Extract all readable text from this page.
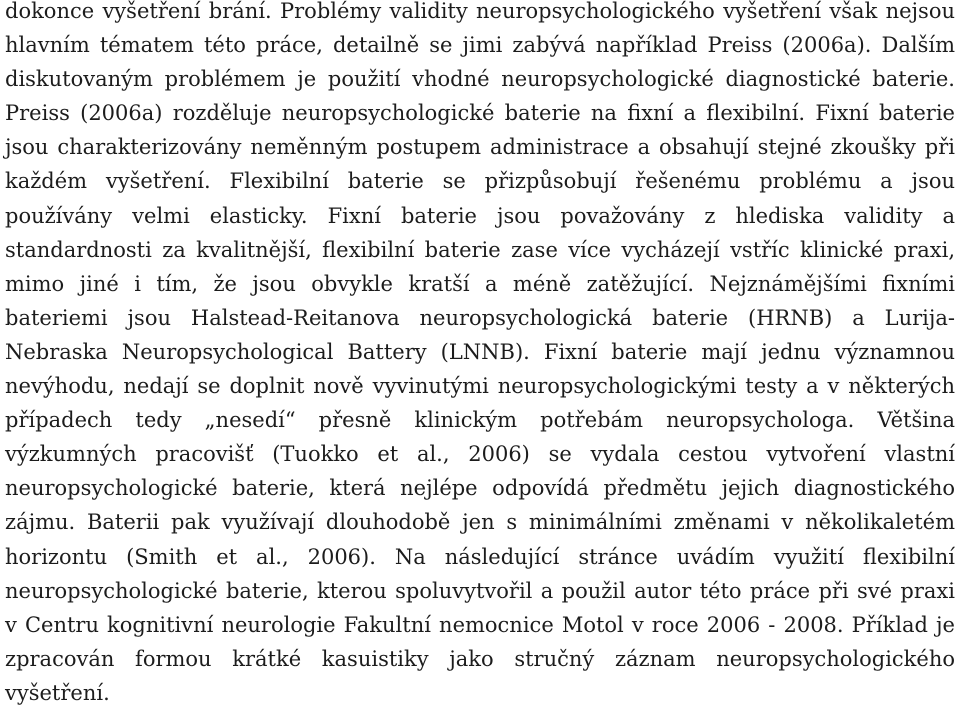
dokonce vyšetření brání. Problémy validity neuropsychologického vyšetření však nejsou hlavním tématem této práce, detailně se jimi zabývá například Preiss (2006a). Dalším diskutovaným problémem je použití vhodné neuropsychologické diagnostické baterie. Preiss (2006a) rozděluje neuropsychologické baterie na fixní a flexibilní. Fixní baterie jsou charakterizovány neměnným postupem administrace a obsahují stejné zkoušky při každém vyšetření. Flexibilní baterie se přizpůsobují řešenému problému a jsou používány velmi elasticky. Fixní baterie jsou považovány z hlediska validity a standardnosti za kvalitnější, flexibilní baterie zase více vycházejí vstříc klinické praxi, mimo jiné i tím, že jsou obvykle kratší a méně zatěžující. Nejznámějšími fixními bateriemi jsou Halstead-Reitanova neuropsychologická baterie (HRNB) a Lurija-Nebraska Neuropsychological Battery (LNNB). Fixní baterie mají jednu významnou nevýhodu, nedají se doplnit nově vyvinutými neuropsychologickými testy a v některých případech tedy „nesedí“ přesně klinickým potřebám neuropsychologa. Většina výzkumných pracovišť (Tuokko et al., 2006) se vydala cestou vytvoření vlastní neuropsychologické baterie, která nejlépe odpovídá předmětu jejich diagnostického zájmu. Baterii pak využívají dlouhodobě jen s minimálními změnami v několikaletém horizontu (Smith et al., 2006). Na následující stránce uvádím využití flexibilní neuropsychologické baterie, kterou spoluvytvořil a použil autor této práce při své praxi v Centru kognitivní neurologie Fakultní nemocnice Motol v roce 2006 - 2008. Příklad je zpracován formou krátké kasuistiky jako stručný záznam neuropsychologického vyšetření.
